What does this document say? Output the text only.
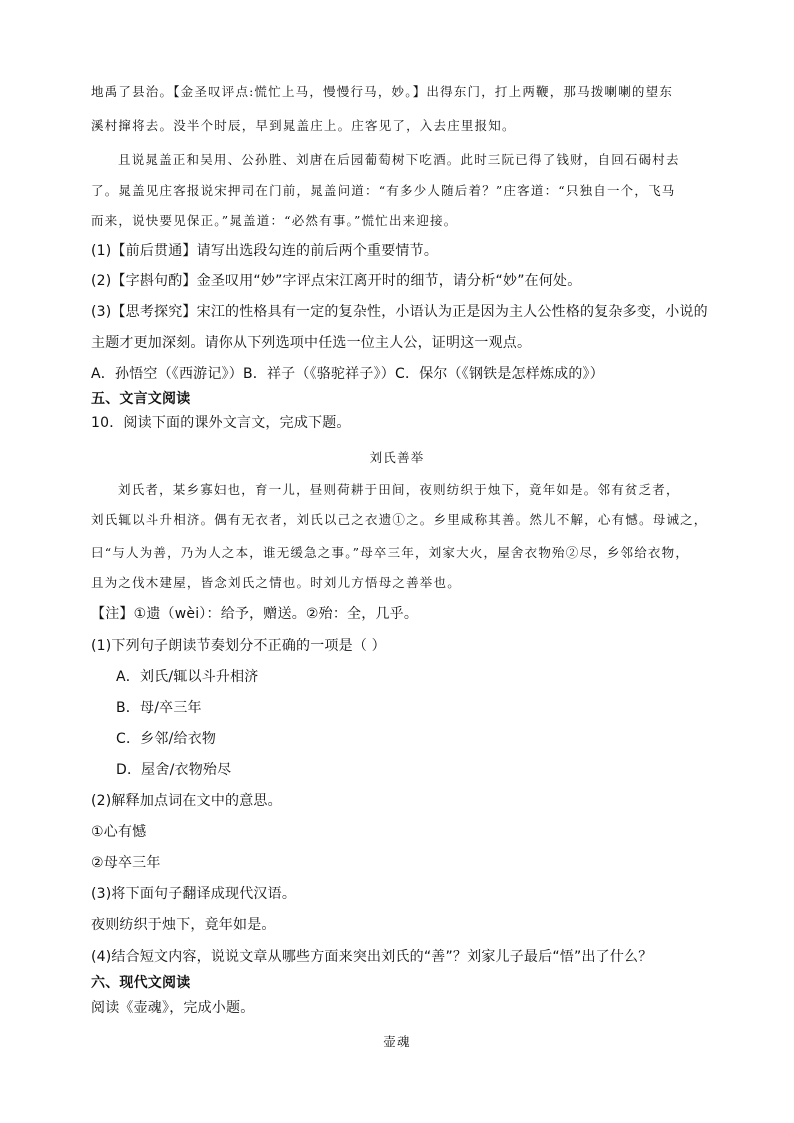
地禹了县治。【金圣叹评点:慌忙上马，慢慢行马，妙。】出得东门，打上两鞭，那马拨喇喇的望东
溪村撺将去。没半个时辰，早到晁盖庄上。庄客见了，入去庄里报知。
且说晁盖正和吴用、公孙胜、刘唐在后园葡萄树下吃酒。此时三阮已得了钱财，自回石碣村去
了。晁盖见庄客报说宋押司在门前，晁盖问道：“有多少人随后着？”庄客道：“只独自一个，飞马
而来，说快要见保正。”晁盖道：“必然有事。”慌忙出来迎接。
(1)【前后贯通】请写出选段勾连的前后两个重要情节。
(2)【字斟句酌】金圣叹用“妙”字评点宋江离开时的细节，请分析“妙”在何处。
(3)【思考探究】宋江的性格具有一定的复杂性，小语认为正是因为主人公性格的复杂多变，小说的
主题才更加深刻。请你从下列选项中任选一位主人公，证明这一观点。
A．孙悟空（《西游记》）B．祥子（《骆驼祥子》）C．保尔（《钢铁是怎样炼成的》）
五、文言文阅读
10．阅读下面的课外文言文，完成下题。
刘氏善举
刘氏者，某乡寡妇也，育一儿，昼则荷耕于田间，夜则纺织于烛下，竟年如是。邻有贫乏者，
刘氏辄以斗升相济。偶有无衣者，刘氏以己之衣遗①之。乡里咸称其善。然儿不解，心有憾。母诫之，
曰“与人为善，乃为人之本，谁无缓急之事。”母卒三年，刘家大火，屋舍衣物殆②尽，乡邻给衣物，
且为之伐木建屋，皆念刘氏之情也。时刘儿方悟母之善举也。
【注】①遗（wèi）：给予，赠送。②殆：全，几乎。
(1)下列句子朗读节奏划分不正确的一项是（ ）
A．刘氏/辄以斗升相济
B．母/卒三年
C．乡邻/给衣物
D．屋舍/衣物殆尽
(2)解释加点词在文中的意思。
①心有憾
②母卒三年
(3)将下面句子翻译成现代汉语。
夜则纺织于烛下，竟年如是。
(4)结合短文内容，说说文章从哪些方面来突出刘氏的“善”？刘家儿子最后“悟”出了什么？
六、现代文阅读
阅读《壶魂》，完成小题。
壶魂
